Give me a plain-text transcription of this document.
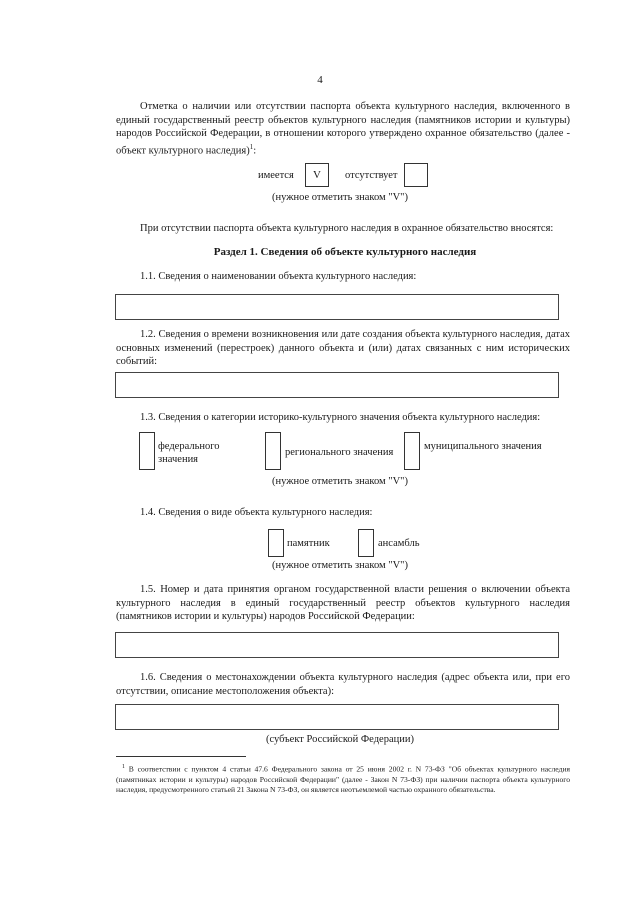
4
Отметка о наличии или отсутствии паспорта объекта культурного наследия, включенного в единый государственный реестр объектов культурного наследия (памятников истории и культуры) народов Российской Федерации, в отношении которого утверждено охранное обязательство (далее - объект культурного наследия)$^1$:
имеется	V	отсутствует
(нужное отметить знаком "V")
При отсутствии паспорта объекта культурного наследия в охранное обязательство вносятся:
Раздел 1. Сведения об объекте культурного наследия
1.1. Сведения о наименовании объекта культурного наследия:
1.2. Сведения о времени возникновения или дате создания объекта культурного наследия, датах основных изменений (перестроек) данного объекта и (или) датах связанных с ним исторических событий:
1.3. Сведения о категории историко-культурного значения объекта культурного наследия:
федерального
значения
регионального значения
муниципального значения
(нужное отметить знаком "V")
1.4. Сведения о виде объекта культурного наследия:
памятник	ансамбль
(нужное отметить знаком "V")
1.5. Номер и дата принятия органом государственной власти решения о включении объекта культурного наследия в единый государственный реестр объектов культурного наследия (памятников истории и культуры) народов Российской Федерации:
1.6. Сведения о местонахождении объекта культурного наследия (адрес объекта или, при его отсутствии, описание местоположения объекта):
(субъект Российской Федерации)
$^1$ В соответствии с пунктом 4 статьи 47.6 Федерального закона от 25 июня 2002 г. N 73-ФЗ "Об объектах культурного наследия (памятниках истории и культуры) народов Российской Федерации" (далее - Закон N 73-ФЗ) при наличии паспорта объекта культурного наследия, предусмотренного статьей 21 Закона N 73-ФЗ, он является неотъемлемой частью охранного обязательства.
